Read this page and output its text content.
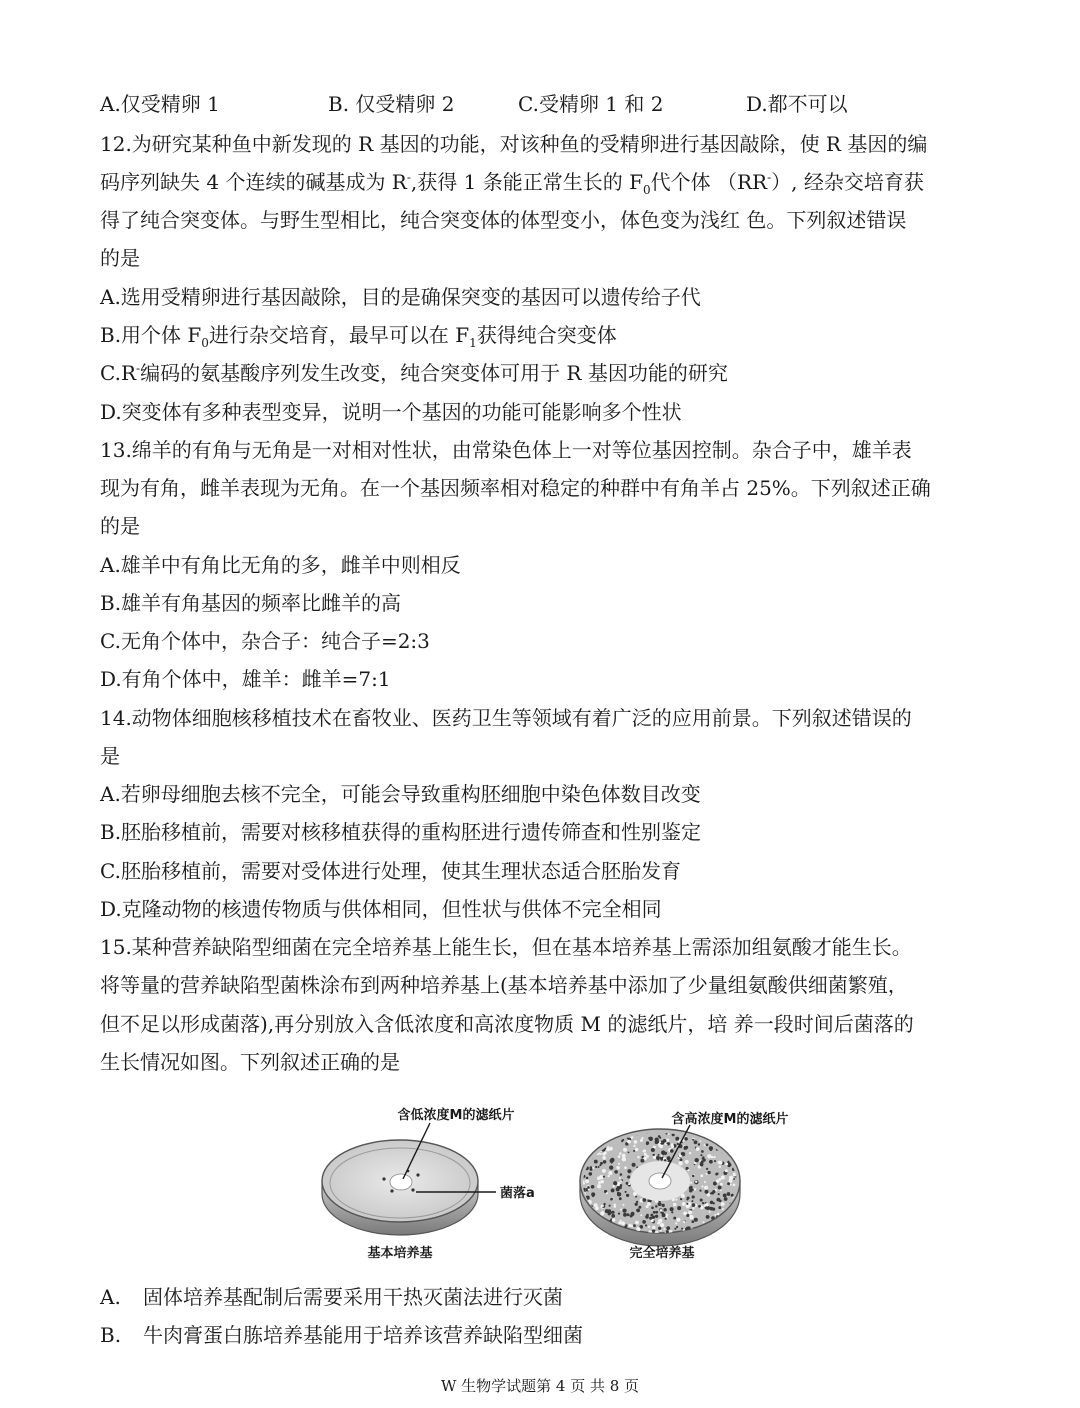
A.仅受精卵 1	B. 仅受精卵 2	C.受精卵 1 和 2	D.都不可以
12.为研究某种鱼中新发现的 R 基因的功能，对该种鱼的受精卵进行基因敲除，使 R 基因的编
码序列缺失 4 个连续的碱基成为 R-,获得 1 条能正常生长的 $F_0$代个体 （RR-）, 经杂交培育获
得了纯合突变体。与野生型相比，纯合突变体的体型变小，体色变为浅红 色。下列叙述错误
的是
A.选用受精卵进行基因敲除，目的是确保突变的基因可以遗传给子代
B.用个体 $F_0$进行杂交培育，最早可以在 $F_1$获得纯合突变体
C.R-编码的氨基酸序列发生改变，纯合突变体可用于 R 基因功能的研究
D.突变体有多种表型变异，说明一个基因的功能可能影响多个性状
13.绵羊的有角与无角是一对相对性状，由常染色体上一对等位基因控制。杂合子中，雄羊表
现为有角，雌羊表现为无角。在一个基因频率相对稳定的种群中有角羊占 25%。下列叙述正确
的是
A.雄羊中有角比无角的多，雌羊中则相反
B.雄羊有角基因的频率比雌羊的高
C.无角个体中，杂合子：纯合子=2:3
D.有角个体中，雄羊：雌羊=7:1
14.动物体细胞核移植技术在畜牧业、医药卫生等领域有着广泛的应用前景。下列叙述错误的
是
A.若卵母细胞去核不完全，可能会导致重构胚细胞中染色体数目改变
B.胚胎移植前，需要对核移植获得的重构胚进行遗传筛查和性别鉴定
C.胚胎移植前，需要对受体进行处理，使其生理状态适合胚胎发育
D.克隆动物的核遗传物质与供体相同，但性状与供体不完全相同
15.某种营养缺陷型细菌在完全培养基上能生长，但在基本培养基上需添加组氨酸才能生长。
将等量的营养缺陷型菌株涂布到两种培养基上(基本培养基中添加了少量组氨酸供细菌繁殖，
但不足以形成菌落),再分别放入含低浓度和高浓度物质 M 的滤纸片，培 养一段时间后菌落的
生长情况如图。下列叙述正确的是
含低浓度M的滤纸片	含高浓度M的滤纸片
菌落a
基本培养基	完全培养基
A. 固体培养基配制后需要采用干热灭菌法进行灭菌
B. 牛肉膏蛋白胨培养基能用于培养该营养缺陷型细菌
W 生物学试题第 4 页 共 8 页
